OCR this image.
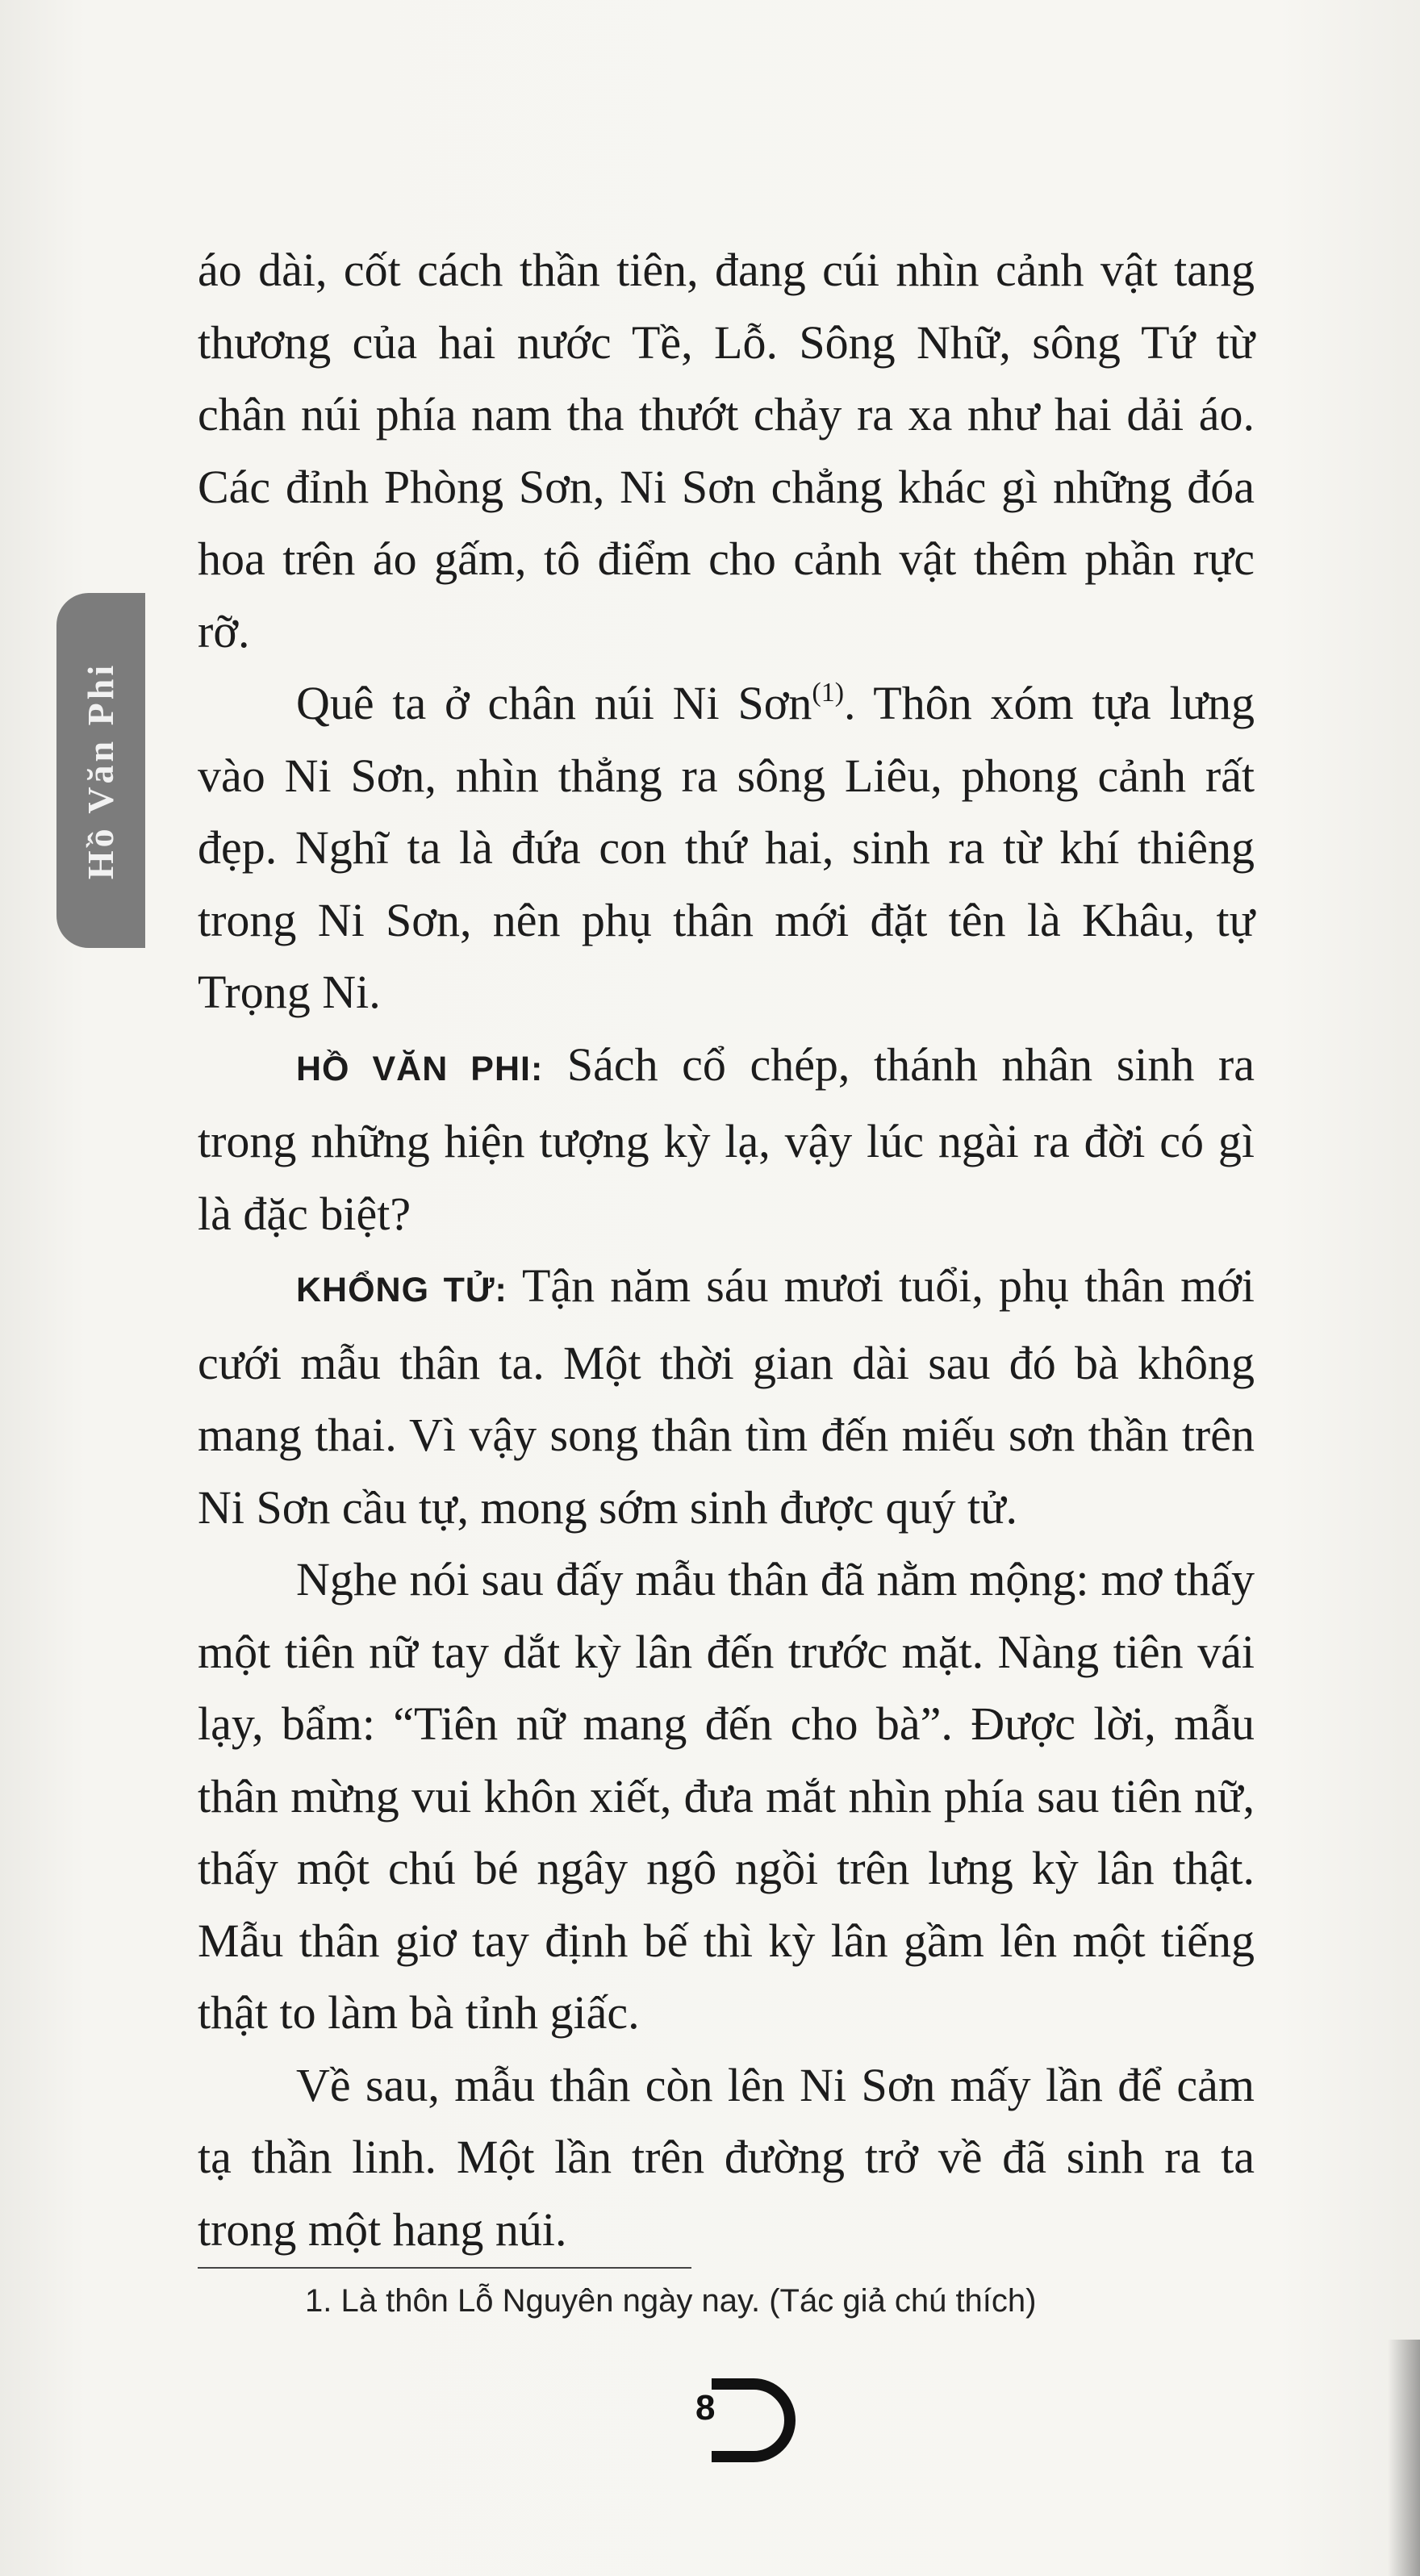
Hồ Văn Phi

áo dài, cốt cách thần tiên, đang cúi nhìn cảnh vật tang thương của hai nước Tề, Lỗ. Sông Nhữ, sông Tứ từ chân núi phía nam tha thướt chảy ra xa như hai dải áo. Các đỉnh Phòng Sơn, Ni Sơn chẳng khác gì những đóa hoa trên áo gấm, tô điểm cho cảnh vật thêm phần rực rỡ.

Quê ta ở chân núi Ni Sơn$^{(1)}$. Thôn xóm tựa lưng vào Ni Sơn, nhìn thẳng ra sông Liêu, phong cảnh rất đẹp. Nghĩ ta là đứa con thứ hai, sinh ra từ khí thiêng trong Ni Sơn, nên phụ thân mới đặt tên là Khâu, tự Trọng Ni.

HỒ VĂN PHI: Sách cổ chép, thánh nhân sinh ra trong những hiện tượng kỳ lạ, vậy lúc ngài ra đời có gì là đặc biệt?

KHỔNG TỬ: Tận năm sáu mươi tuổi, phụ thân mới cưới mẫu thân ta. Một thời gian dài sau đó bà không mang thai. Vì vậy song thân tìm đến miếu sơn thần trên Ni Sơn cầu tự, mong sớm sinh được quý tử.

Nghe nói sau đấy mẫu thân đã nằm mộng: mơ thấy một tiên nữ tay dắt kỳ lân đến trước mặt. Nàng tiên vái lạy, bẩm: “Tiên nữ mang đến cho bà”. Được lời, mẫu thân mừng vui khôn xiết, đưa mắt nhìn phía sau tiên nữ, thấy một chú bé ngây ngô ngồi trên lưng kỳ lân thật. Mẫu thân giơ tay định bế thì kỳ lân gầm lên một tiếng thật to làm bà tỉnh giấc.

Về sau, mẫu thân còn lên Ni Sơn mấy lần để cảm tạ thần linh. Một lần trên đường trở về đã sinh ra ta trong một hang núi.

1. Là thôn Lỗ Nguyên ngày nay. (Tác giả chú thích)
8
